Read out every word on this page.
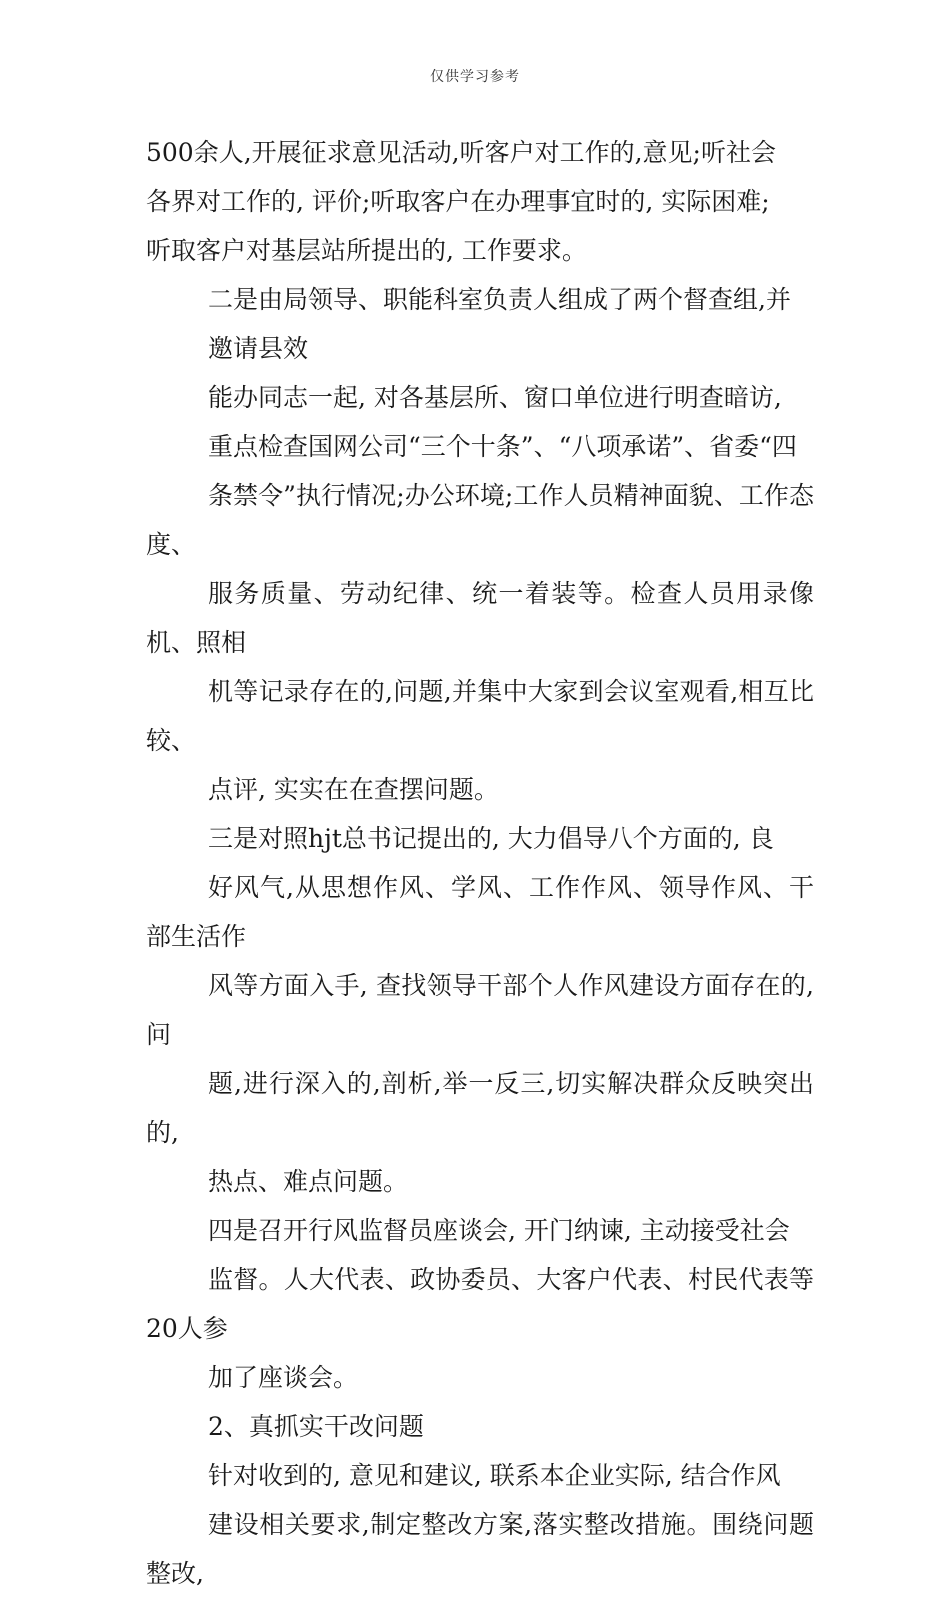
仅供学习参考
500余人,开展征求意见活动,听客户对工作的,意见;听社会
各界对工作的, 评价;听取客户在办理事宜时的, 实际困难;
听取客户对基层站所提出的, 工作要求。
二是由局领导、职能科室负责人组成了两个督查组,并
邀请县效
能办同志一起, 对各基层所、窗口单位进行明查暗访,
重点检查国网公司“三个十条”、“八项承诺”、省委“四
条禁令”执行情况;办公环境;工作人员精神面貌、工作态度、
服务质量、劳动纪律、统一着装等。检查人员用录像机、照相
机等记录存在的,问题,并集中大家到会议室观看,相互比较、
点评, 实实在在查摆问题。
三是对照hjt总书记提出的, 大力倡导八个方面的, 良
好风气,从思想作风、学风、工作作风、领导作风、干部生活作
风等方面入手, 查找领导干部个人作风建设方面存在的, 问
题,进行深入的,剖析,举一反三,切实解决群众反映突出的,
热点、难点问题。
四是召开行风监督员座谈会, 开门纳谏, 主动接受社会
监督。人大代表、政协委员、大客户代表、村民代表等20人参
加了座谈会。
2、真抓实干改问题
针对收到的, 意见和建议, 联系本企业实际, 结合作风
建设相关要求,制定整改方案,落实整改措施。围绕问题整改,
